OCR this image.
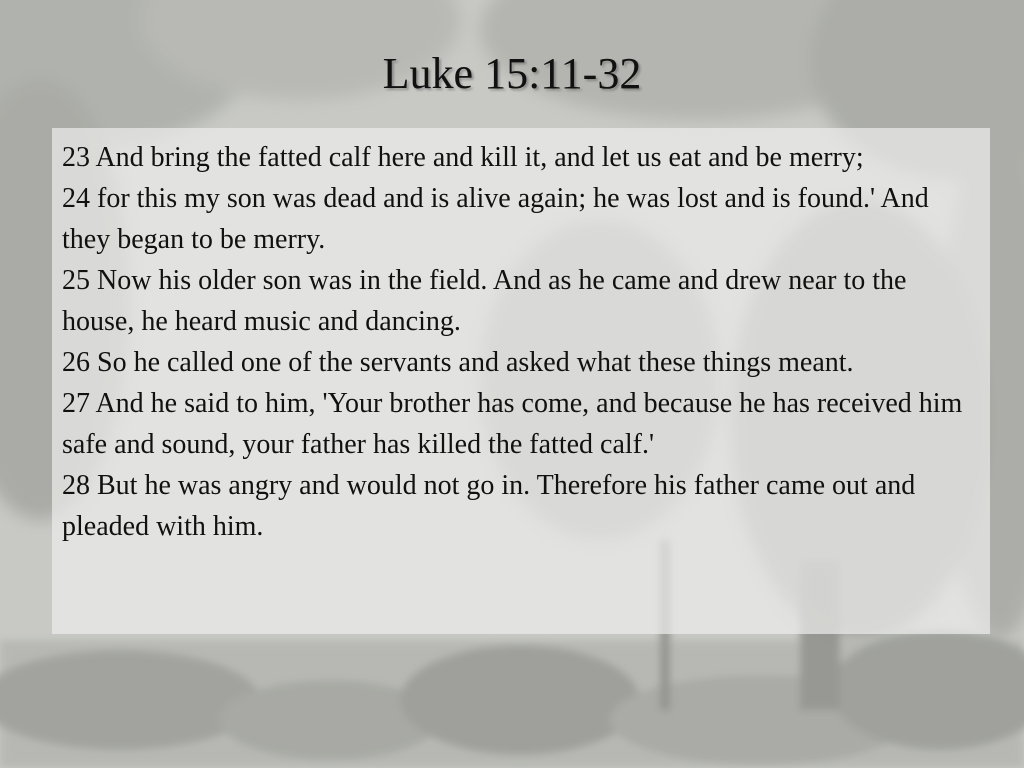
Luke 15:11-32
23 And bring the fatted calf here and kill it, and let us eat and be merry;
24 for this my son was dead and is alive again; he was lost and is found.' And they began to be merry.
25 Now his older son was in the field. And as he came and drew near to the house, he heard music and dancing.
26 So he called one of the servants and asked what these things meant.
27 And he said to him, 'Your brother has come, and because he has received him safe and sound, your father has killed the fatted calf.'
28 But he was angry and would not go in. Therefore his father came out and pleaded with him.
